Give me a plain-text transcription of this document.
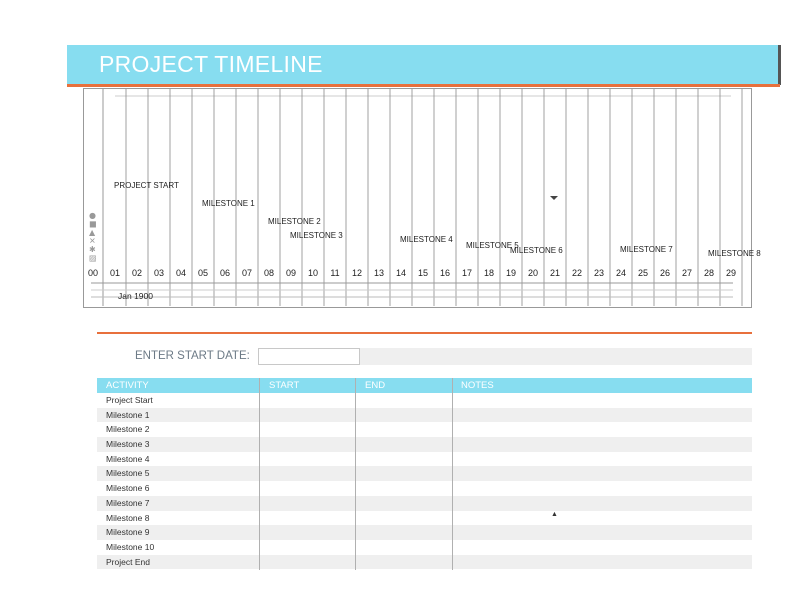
PROJECT TIMELINE
00 01 02 03 04 05 06 07 08 09 10 11 12 13 14 15 16 17 18 19 20 21 22 23 24 25 26 27 28 29
Jan 1900
●
■
▲
✕
✱
▨
PROJECT START
MILESTONE 1
MILESTONE 2
MILESTONE 3	MILESTONE 4
MILESTONE 5
MILESTONE 6	MILESTONE 7	MILESTONE 8
ENTER START DATE:
ACTIVITY	START	END	NOTES
Project Start
Milestone 1
Milestone 2
Milestone 3
Milestone 4
Milestone 5
Milestone 6
Milestone 7
Milestone 8
Milestone 9
Milestone 10
Project End
▲
